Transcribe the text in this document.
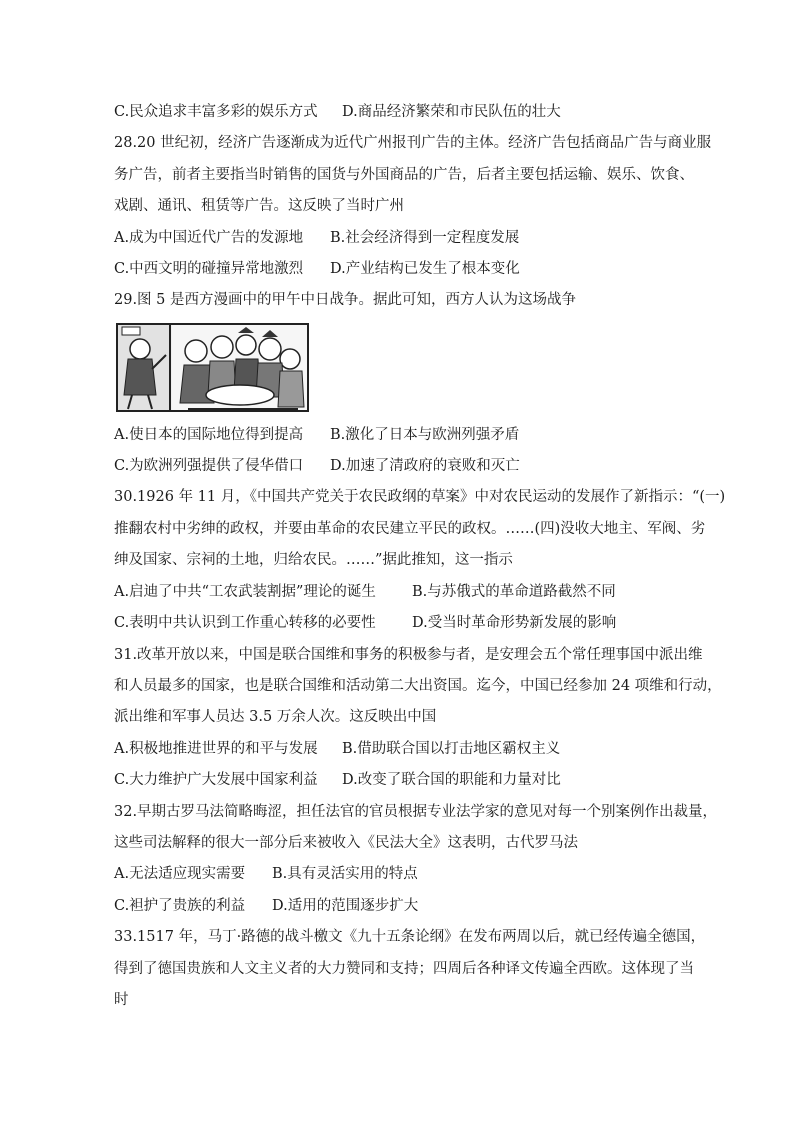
C.民众追求丰富多彩的娱乐方式 D.商品经济繁荣和市民队伍的壮大
28.20 世纪初，经济广告逐渐成为近代广州报刊广告的主体。经济广告包括商品广告与商业服
务广告，前者主要指当时销售的国货与外国商品的广告，后者主要包括运输、娱乐、饮食、
戏剧、通讯、租赁等广告。这反映了当时广州
A.成为中国近代广告的发源地 B.社会经济得到一定程度发展
C.中西文明的碰撞异常地激烈 D.产业结构已发生了根本变化
29.图 5 是西方漫画中的甲午中日战争。据此可知，西方人认为这场战争
A.使日本的国际地位得到提高 B.激化了日本与欧洲列强矛盾
C.为欧洲列强提供了侵华借口 D.加速了清政府的衰败和灭亡
30.1926 年 11 月，《中国共产党关于农民政纲的草案》中对农民运动的发展作了新指示：“(一)
推翻农村中劣绅的政权，并要由革命的农民建立平民的政权。……(四)没收大地主、军阀、劣
绅及国家、宗祠的土地，归给农民。……”据此推知，这一指示
A.启迪了中共“工农武装割据”理论的诞生 B.与苏俄式的革命道路截然不同
C.表明中共认识到工作重心转移的必要性	D.受当时革命形势新发展的影响
31.改革开放以来，中国是联合国维和事务的积极参与者，是安理会五个常任理事国中派出维
和人员最多的国家，也是联合国维和活动第二大出资国。迄今，中国已经参加 24 项维和行动，
派出维和军事人员达 3.5 万余人次。这反映出中国
A.积极地推进世界的和平与发展 B.借助联合国以打击地区霸权主义
C.大力维护广大发展中国家利益 D.改变了联合国的职能和力量对比
32.早期古罗马法简略晦涩，担任法官的官员根据专业法学家的意见对每一个别案例作出裁量，
这些司法解释的很大一部分后来被收入《民法大全》这表明，古代罗马法
A.无法适应现实需要 B.具有灵活实用的特点
C.袒护了贵族的利益 D.适用的范围逐步扩大
33.1517 年，马丁·路德的战斗檄文《九十五条论纲》在发布两周以后，就已经传遍全德国，
得到了德国贵族和人文主义者的大力赞同和支持；四周后各种译文传遍全西欧。这体现了当
时
